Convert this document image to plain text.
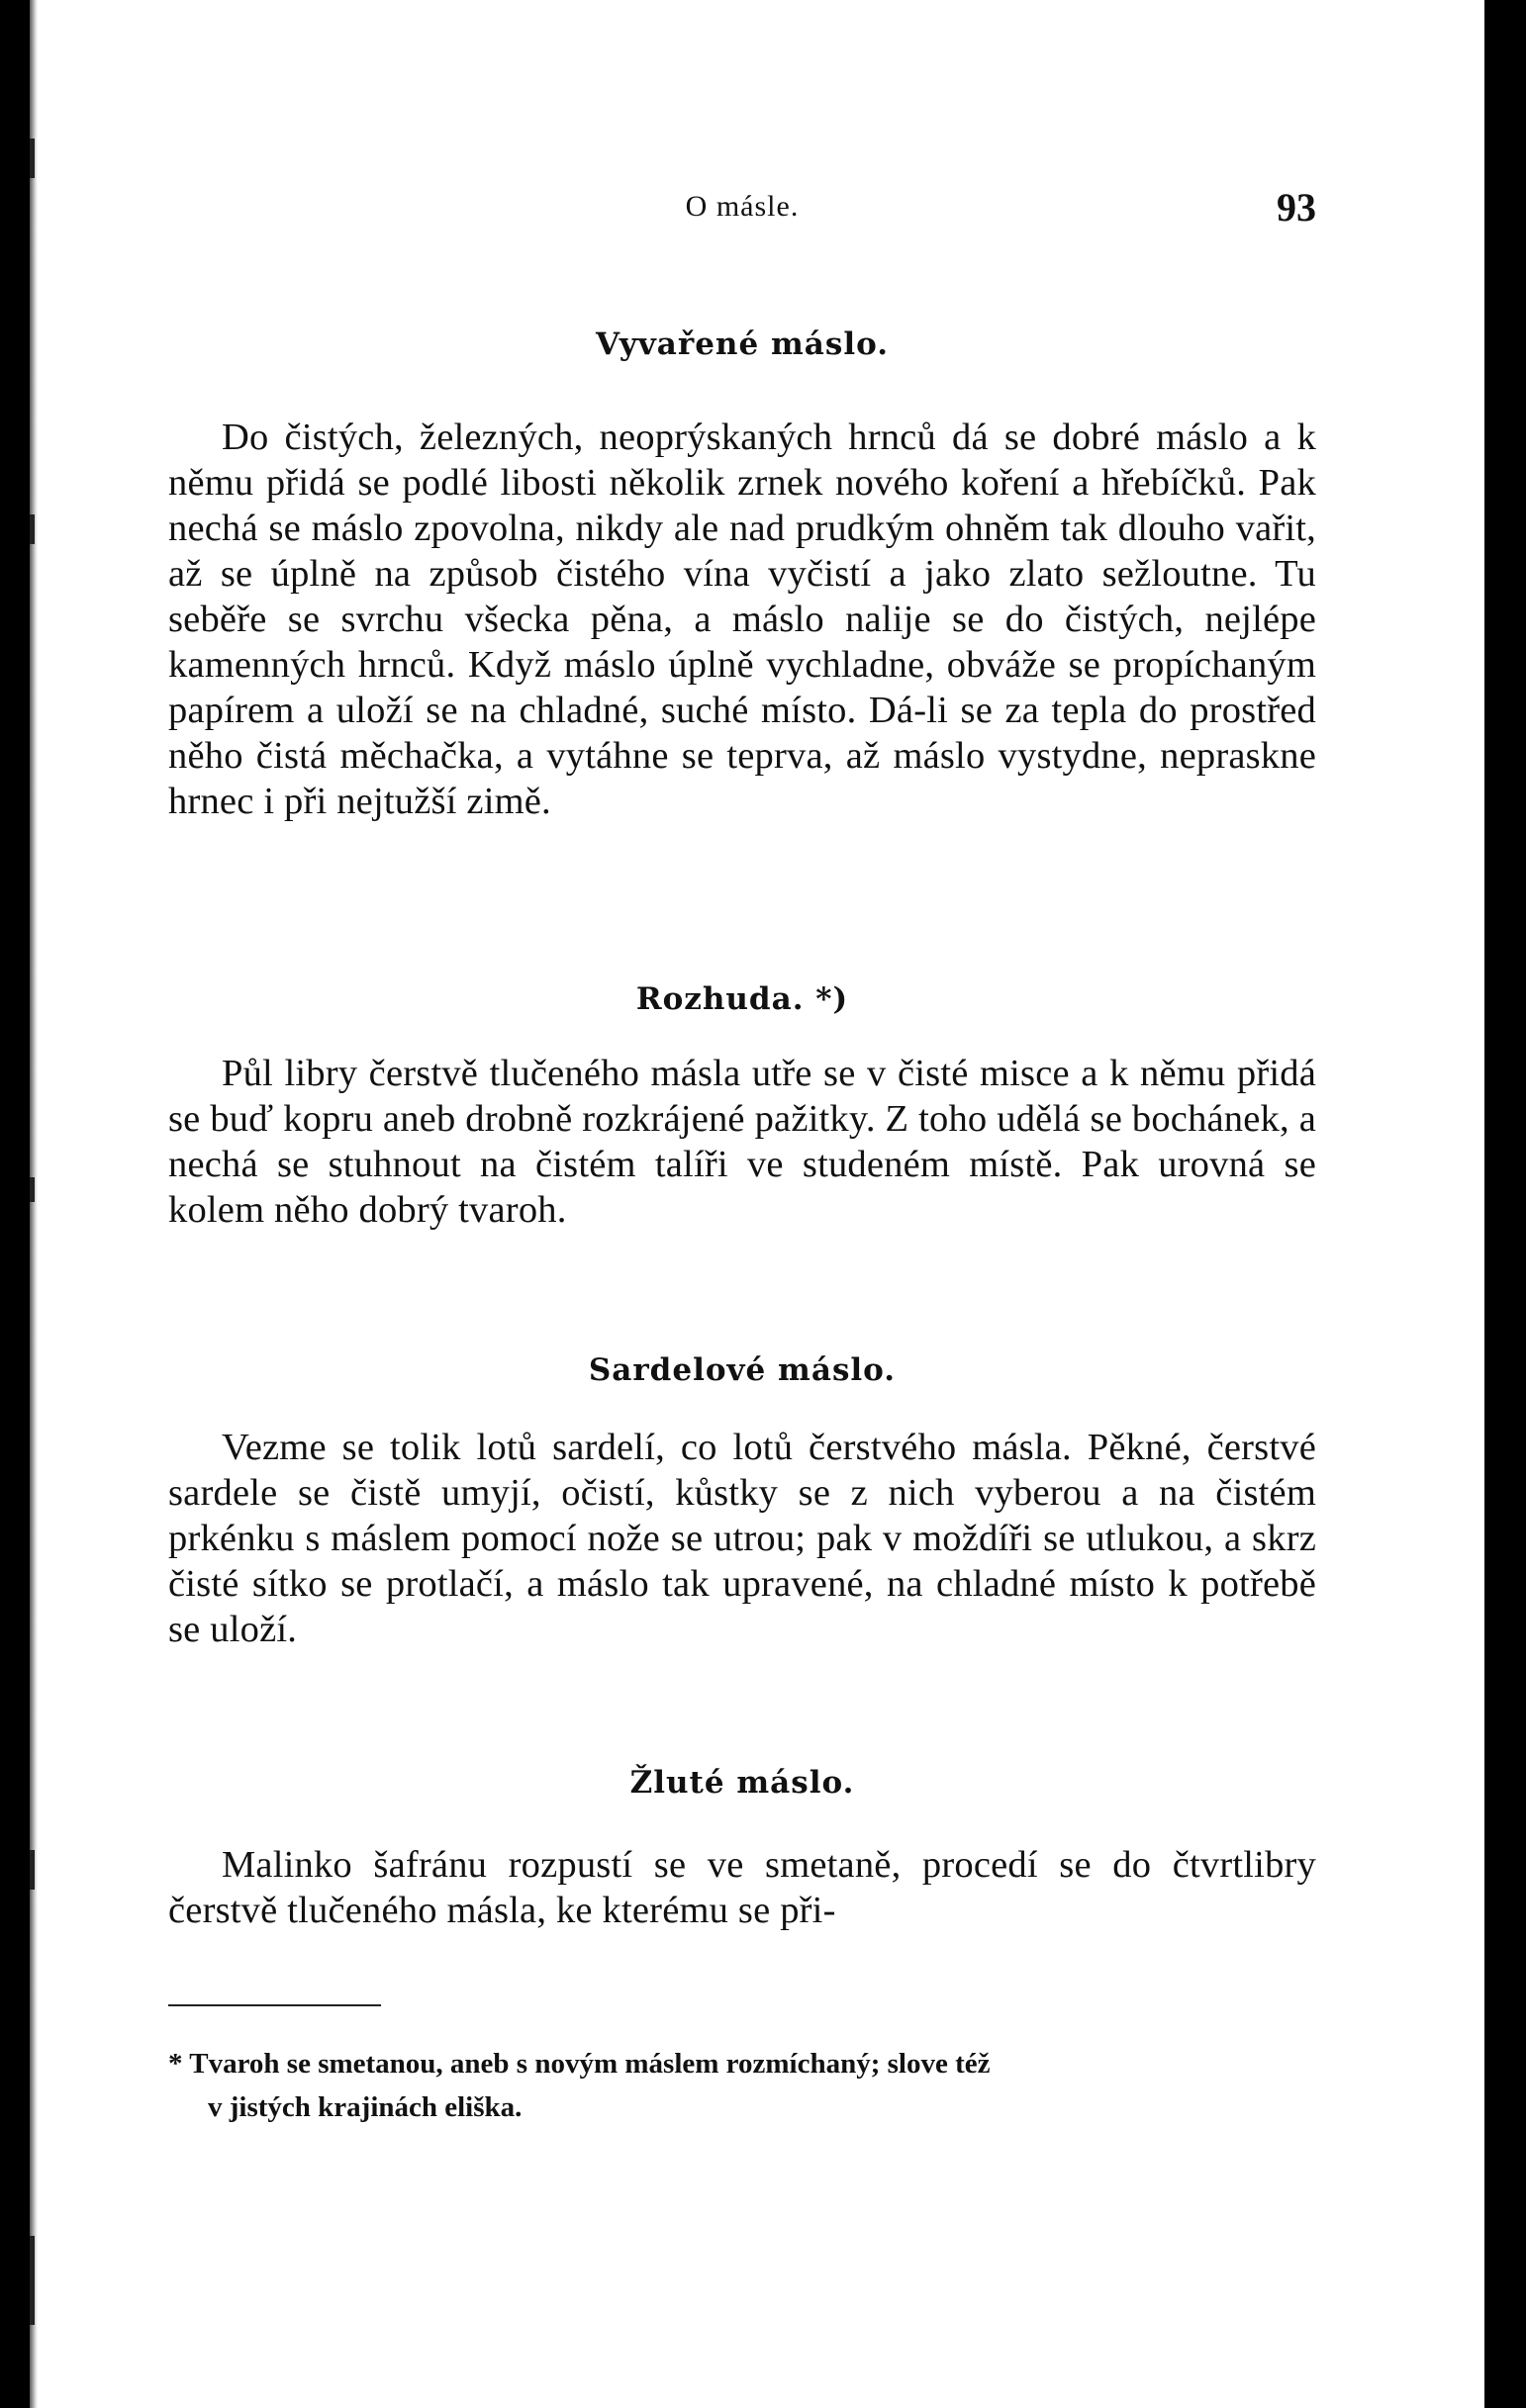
O másle.	93
Vyvařené máslo.

Do čistých, železných, neoprýskaných hrnců dá se dobré máslo a k němu přidá se podlé libosti několik zrnek nového koření a hřebíčků. Pak nechá se máslo zpovolna, nikdy ale nad prudkým ohněm tak dlouho vařit, až se úplně na způsob čistého vína vyčistí a jako zlato sežloutne. Tu seběře se svrchu všecka pěna, a máslo nalije se do čistých, nejlépe kamenných hrnců. Když máslo úplně vychladne, obváže se propíchaným papírem a uloží se na chladné, suché místo. Dá-li se za tepla do prostřed něho čistá měchačka, a vytáhne se teprva, až máslo vystydne, nepraskne hrnec i při nejtužší zimě.

Rozhuda. *)

Půl libry čerstvě tlučeného másla utře se v čisté misce a k němu přidá se buď kopru aneb drobně rozkrájené pažitky. Z toho udělá se bochánek, a nechá se stuhnout na čistém talíři ve studeném místě. Pak urovná se kolem něho dobrý tvaroh.

Sardelové máslo.

Vezme se tolik lotů sardelí, co lotů čerstvého másla. Pěkné, čerstvé sardele se čistě umyjí, očistí, kůstky se z nich vyberou a na čistém prkénku s máslem pomocí nože se utrou; pak v moždíři se utlukou, a skrz čisté sítko se protlačí, a máslo tak upravené, na chladné místo k potřebě se uloží.

Žluté máslo.

Malinko šafránu rozpustí se ve smetaně, procedí se do čtvrtlibry čerstvě tlučeného másla, ke kterému se při-

* Tvaroh se smetanou, aneb s novým máslem rozmíchaný; slove též
v jistých krajinách eliška.
